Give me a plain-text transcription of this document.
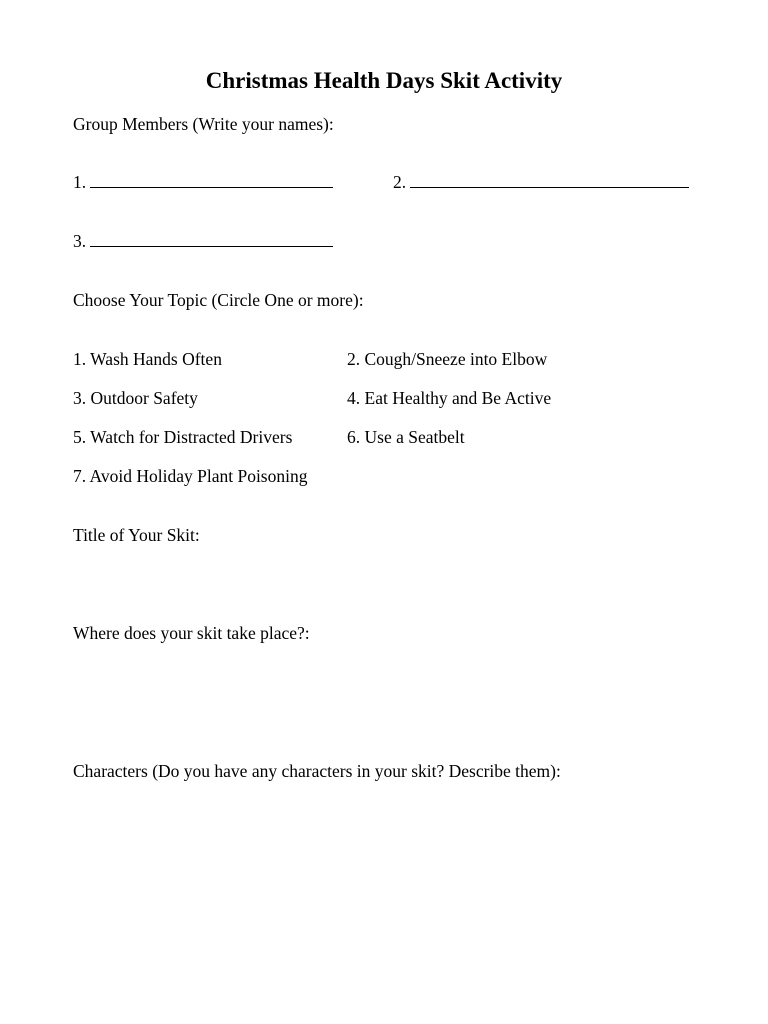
Christmas Health Days Skit Activity
Group Members (Write your names):
1.	2.
3.
Choose Your Topic (Circle One or more):
1. Wash Hands Often	2. Cough/Sneeze into Elbow
3. Outdoor Safety	4. Eat Healthy and Be Active
5. Watch for Distracted Drivers	6. Use a Seatbelt
7. Avoid Holiday Plant Poisoning
Title of Your Skit:
Where does your skit take place?:
Characters (Do you have any characters in your skit? Describe them):
